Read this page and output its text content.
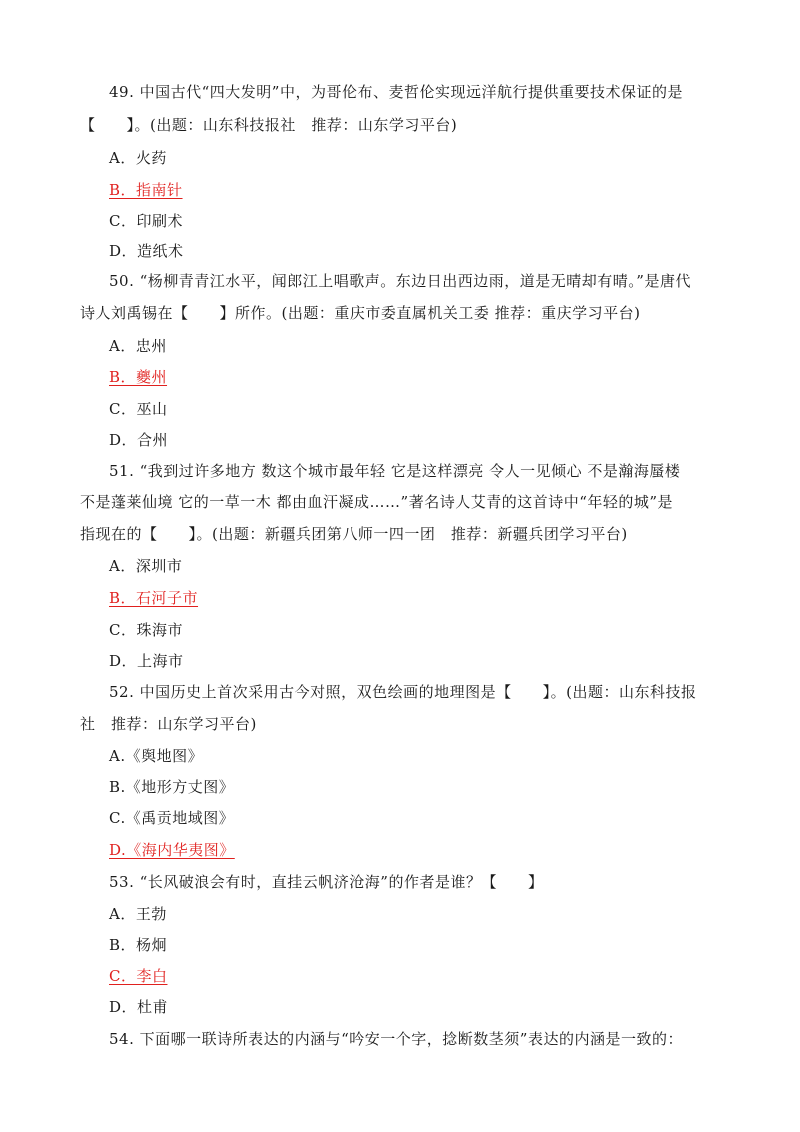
49. 中国古代“四大发明”中，为哥伦布、麦哲伦实现远洋航行提供重要技术保证的是
【　　】。(出题：山东科技报社　推荐：山东学习平台)
A．火药
B．指南针
C．印刷术
D．造纸术
50. “杨柳青青江水平，闻郎江上唱歌声。东边日出西边雨，道是无晴却有晴。”是唐代
诗人刘禹锡在【　　】所作。(出题：重庆市委直属机关工委 推荐：重庆学习平台)
A．忠州
B．夔州
C．巫山
D．合州
51. “我到过许多地方 数这个城市最年轻 它是这样漂亮 令人一见倾心 不是瀚海蜃楼
不是蓬莱仙境 它的一草一木 都由血汗凝成……”著名诗人艾青的这首诗中“年轻的城”是
指现在的【　　】。(出题：新疆兵团第八师一四一团　推荐：新疆兵团学习平台)
A．深圳市
B．石河子市
C．珠海市
D．上海市
52. 中国历史上首次采用古今对照，双色绘画的地理图是【　　】。(出题：山东科技报
社　推荐：山东学习平台)
A.《舆地图》
B.《地形方丈图》
C.《禹贡地域图》
D.《海内华夷图》
53. “长风破浪会有时，直挂云帆济沧海”的作者是谁？【　　】
A．王勃
B．杨炯
C．李白
D．杜甫
54. 下面哪一联诗所表达的内涵与“吟安一个字，捻断数茎须”表达的内涵是一致的：
